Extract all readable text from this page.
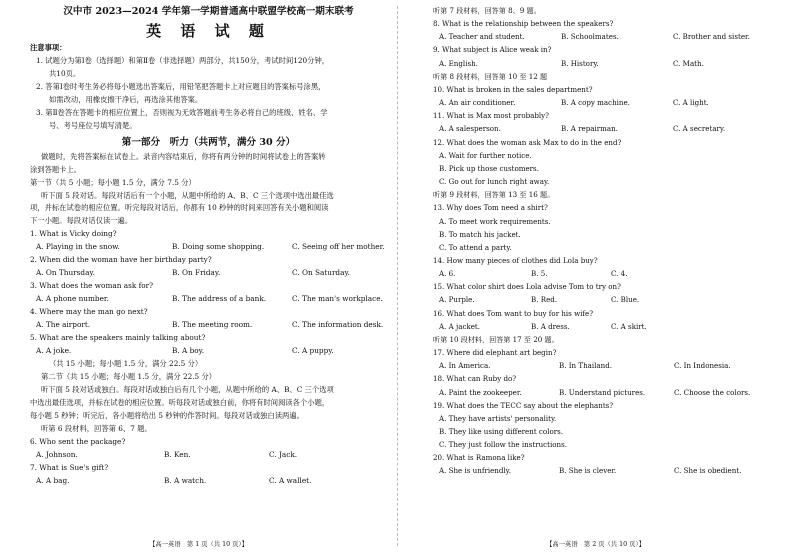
汉中市 2023—2024 学年第一学期普通高中联盟学校高一期末联考
英 语 试 题
注意事项：
1. 试题分为第Ⅰ卷（选择题）和第Ⅱ卷（非选择题）两部分，共150分，考试时间120分钟，
共10页。
2. 答第Ⅰ卷时考生务必将每小题选出答案后，用铅笔把答题卡上对应题目的答案标号涂黑，
如需改动，用橡皮擦干净后，再选涂其他答案。
3. 第Ⅱ卷答在答题卡的相应位置上，否则视为无效答题前考生务必将自己的班级、姓名、学
号、考号座位号填写清楚。
第一部分　听力（共两节，满分 30 分）
做题时，先将答案标在试卷上。录音内容结束后，你将有两分钟的时间将试卷上的答案转
涂到答题卡上。
第一节（共 5 小题；每小题 1.5 分，满分 7.5 分）
听下面 5 段对话。每段对话后有一个小题，从题中所给的 A、B、C 三个选项中选出最佳选
项，并标在试卷的相应位置。听完每段对话后，你都有 10 秒钟的时间来回答有关小题和阅读
下一小题。每段对话仅读一遍。
1. What is Vicky doing?
A. Playing in the snow.	B. Doing some shopping.	C. Seeing off her mother.
2. When did the woman have her birthday party?
A. On Thursday.	B. On Friday.	C. On Saturday.
3. What does the woman ask for?
A. A phone number.	B. The address of a bank.	C. The man's workplace.
4. Where may the man go next?
A. The airport.	B. The meeting room.	C. The information desk.
5. What are the speakers mainly talking about?
A. A joke.	B. A boy.	C. A puppy.
（共 15 小题；每小题 1.5 分，满分 22.5 分）
第二节（共 15 小题；每小题 1.5 分，满分 22.5 分）
听下面 5 段对话或独白。每段对话或独白后有几个小题，从题中所给的 A、B、C 三个选项
中选出最佳选项，并标在试卷的相应位置。听每段对话或独白前，你将有时间阅读各个小题，
每小题 5 秒钟；听完后，各小题将给出 5 秒钟的作答时间。每段对话或独白读两遍。
听第 6 段材料，回答第 6、7 题。
6. Who sent the package?
A. Johnson.	B. Ken.	C. Jack.
7. What is Sue's gift?
A. A bag.	B. A watch.	C. A wallet.
【高一英语　第 1 页（共 10 页）】
听第 7 段材料，回答第 8、9 题。
8. What is the relationship between the speakers?
A. Teacher and student.	B. Schoolmates.	C. Brother and sister.
9. What subject is Alice weak in?
A. English.	B. History.	C. Math.
听第 8 段材料，回答第 10 至 12 题
10. What is broken in the sales department?
A. An air conditioner.	B. A copy machine.	C. A light.
11. What is Max most probably?
A. A salesperson.	B. A repairman.	C. A secretary.
12. What does the woman ask Max to do in the end?
A. Wait for further notice.
B. Pick up those customers.
C. Go out for lunch right away.
听第 9 段材料，回答第 13 至 16 题。
13. Why does Tom need a shirt?
A. To meet work requirements.
B. To match his jacket.
C. To attend a party.
14. How many pieces of clothes did Lola buy?
A. 6.	B. 5.	C. 4.
15. What color shirt does Lola advise Tom to try on?
A. Purple.	B. Red.	C. Blue.
16. What does Tom want to buy for his wife?
A. A jacket.	B. A dress.	C. A skirt.
听第 10 段材料，回答第 17 至 20 题。
17. Where did elephant art begin?
A. In America.	B. In Thailand.	C. In Indonesia.
18. What can Ruby do?
A. Paint the zookeeper.	B. Understand pictures.	C. Choose the colors.
19. What does the TECC say about the elephants?
A. They have artists' personality.
B. They like using different colors.
C. They just follow the instructions.
20. What is Ramona like?
A. She is unfriendly.	B. She is clever.	C. She is obedient.
【高一英语　第 2 页（共 10 页）】
